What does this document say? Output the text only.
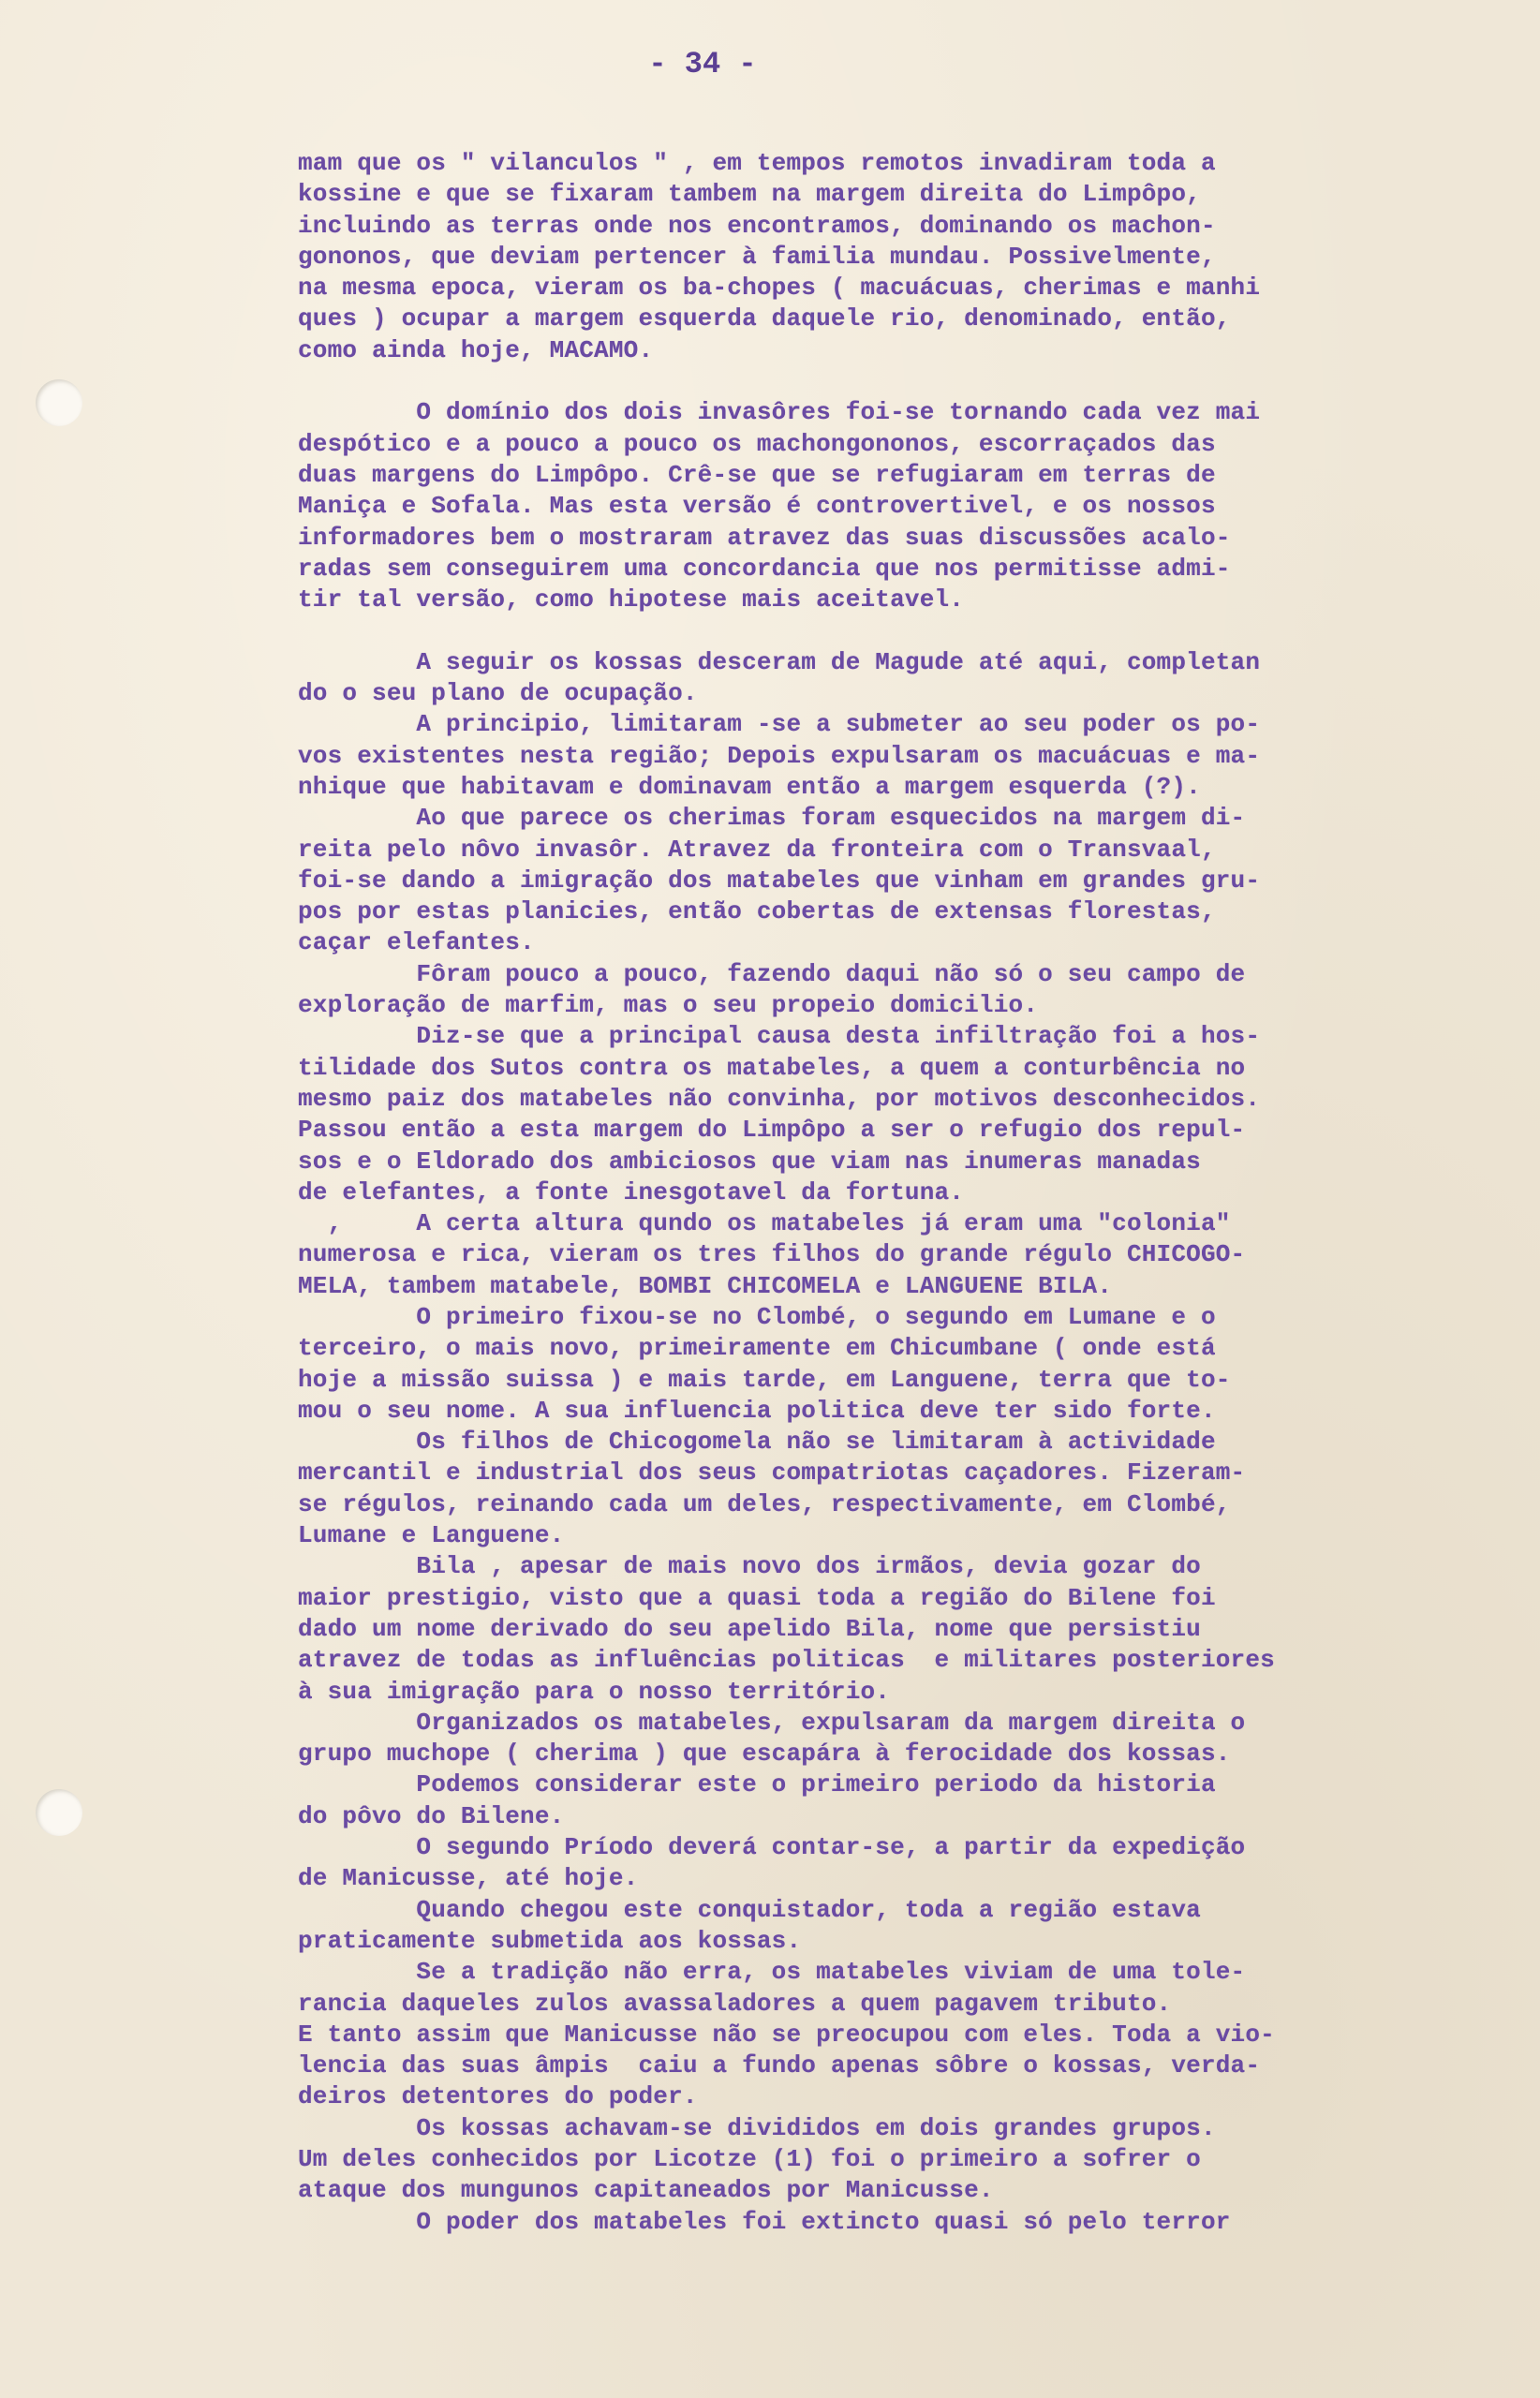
- 34 -
mam que os " vilanculos " , em tempos remotos invadiram toda a
kossine e que se fixaram tambem na margem direita do Limpôpo,
incluindo as terras onde nos encontramos, dominando os machon-
gononos, que deviam pertencer à familia mundau. Possivelmente,
na mesma epoca, vieram os ba-chopes ( macuácuas, cherimas e manhi
ques ) ocupar a margem esquerda daquele rio, denominado, então,
como ainda hoje, MACAMO.
O domínio dos dois invasôres foi-se tornando cada vez mai
despótico e a pouco a pouco os machongononos, escorraçados das
duas margens do Limpôpo. Crê-se que se refugiaram em terras de
Maniça e Sofala. Mas esta versão é controvertivel, e os nossos
informadores bem o mostraram atravez das suas discussões acalo-
radas sem conseguirem uma concordancia que nos permitisse admi-
tir tal versão, como hipotese mais aceitavel.
A seguir os kossas desceram de Magude até aqui, completan
do o seu plano de ocupação.
A principio, limitaram -se a submeter ao seu poder os po-
vos existentes nesta região; Depois expulsaram os macuácuas e ma-
nhique que habitavam e dominavam então a margem esquerda (?).
Ao que parece os cherimas foram esquecidos na margem di-
reita pelo nôvo invasôr. Atravez da fronteira com o Transvaal,
foi-se dando a imigração dos matabeles que vinham em grandes gru-
pos por estas planicies, então cobertas de extensas florestas,
caçar elefantes.
Fôram pouco a pouco, fazendo daqui não só o seu campo de
exploração de marfim, mas o seu propeio domicilio.
Diz-se que a principal causa desta infiltração foi a hos-
tilidade dos Sutos contra os matabeles, a quem a conturbência no
mesmo paiz dos matabeles não convinha, por motivos desconhecidos.
Passou então a esta margem do Limpôpo a ser o refugio dos repul-
sos e o Eldorado dos ambiciosos que viam nas inumeras manadas
de elefantes, a fonte inesgotavel da fortuna.
,     A certa altura qundo os matabeles já eram uma "colonia"
numerosa e rica, vieram os tres filhos do grande régulo CHICOGO-
MELA, tambem matabele, BOMBI CHICOMELA e LANGUENE BILA.
O primeiro fixou-se no Clombé, o segundo em Lumane e o
terceiro, o mais novo, primeiramente em Chicumbane ( onde está
hoje a missão suissa ) e mais tarde, em Languene, terra que to-
mou o seu nome. A sua influencia politica deve ter sido forte.
Os filhos de Chicogomela não se limitaram à actividade
mercantil e industrial dos seus compatriotas caçadores. Fizeram-
se régulos, reinando cada um deles, respectivamente, em Clombé,
Lumane e Languene.
Bila , apesar de mais novo dos irmãos, devia gozar do
maior prestigio, visto que a quasi toda a região do Bilene foi
dado um nome derivado do seu apelido Bila, nome que persistiu
atravez de todas as influências politicas  e militares posteriores
à sua imigração para o nosso território.
Organizados os matabeles, expulsaram da margem direita o
grupo muchope ( cherima ) que escapára à ferocidade dos kossas.
Podemos considerar este o primeiro periodo da historia
do pôvo do Bilene.
O segundo Príodo deverá contar-se, a partir da expedição
de Manicusse, até hoje.
Quando chegou este conquistador, toda a região estava
praticamente submetida aos kossas.
Se a tradição não erra, os matabeles viviam de uma tole-
rancia daqueles zulos avassaladores a quem pagavem tributo.
E tanto assim que Manicusse não se preocupou com eles. Toda a vio-
lencia das suas âmpis  caiu a fundo apenas sôbre o kossas, verda-
deiros detentores do poder.
Os kossas achavam-se divididos em dois grandes grupos.
Um deles conhecidos por Licotze (1) foi o primeiro a sofrer o
ataque dos mungunos capitaneados por Manicusse.
O poder dos matabeles foi extincto quasi só pelo terror
